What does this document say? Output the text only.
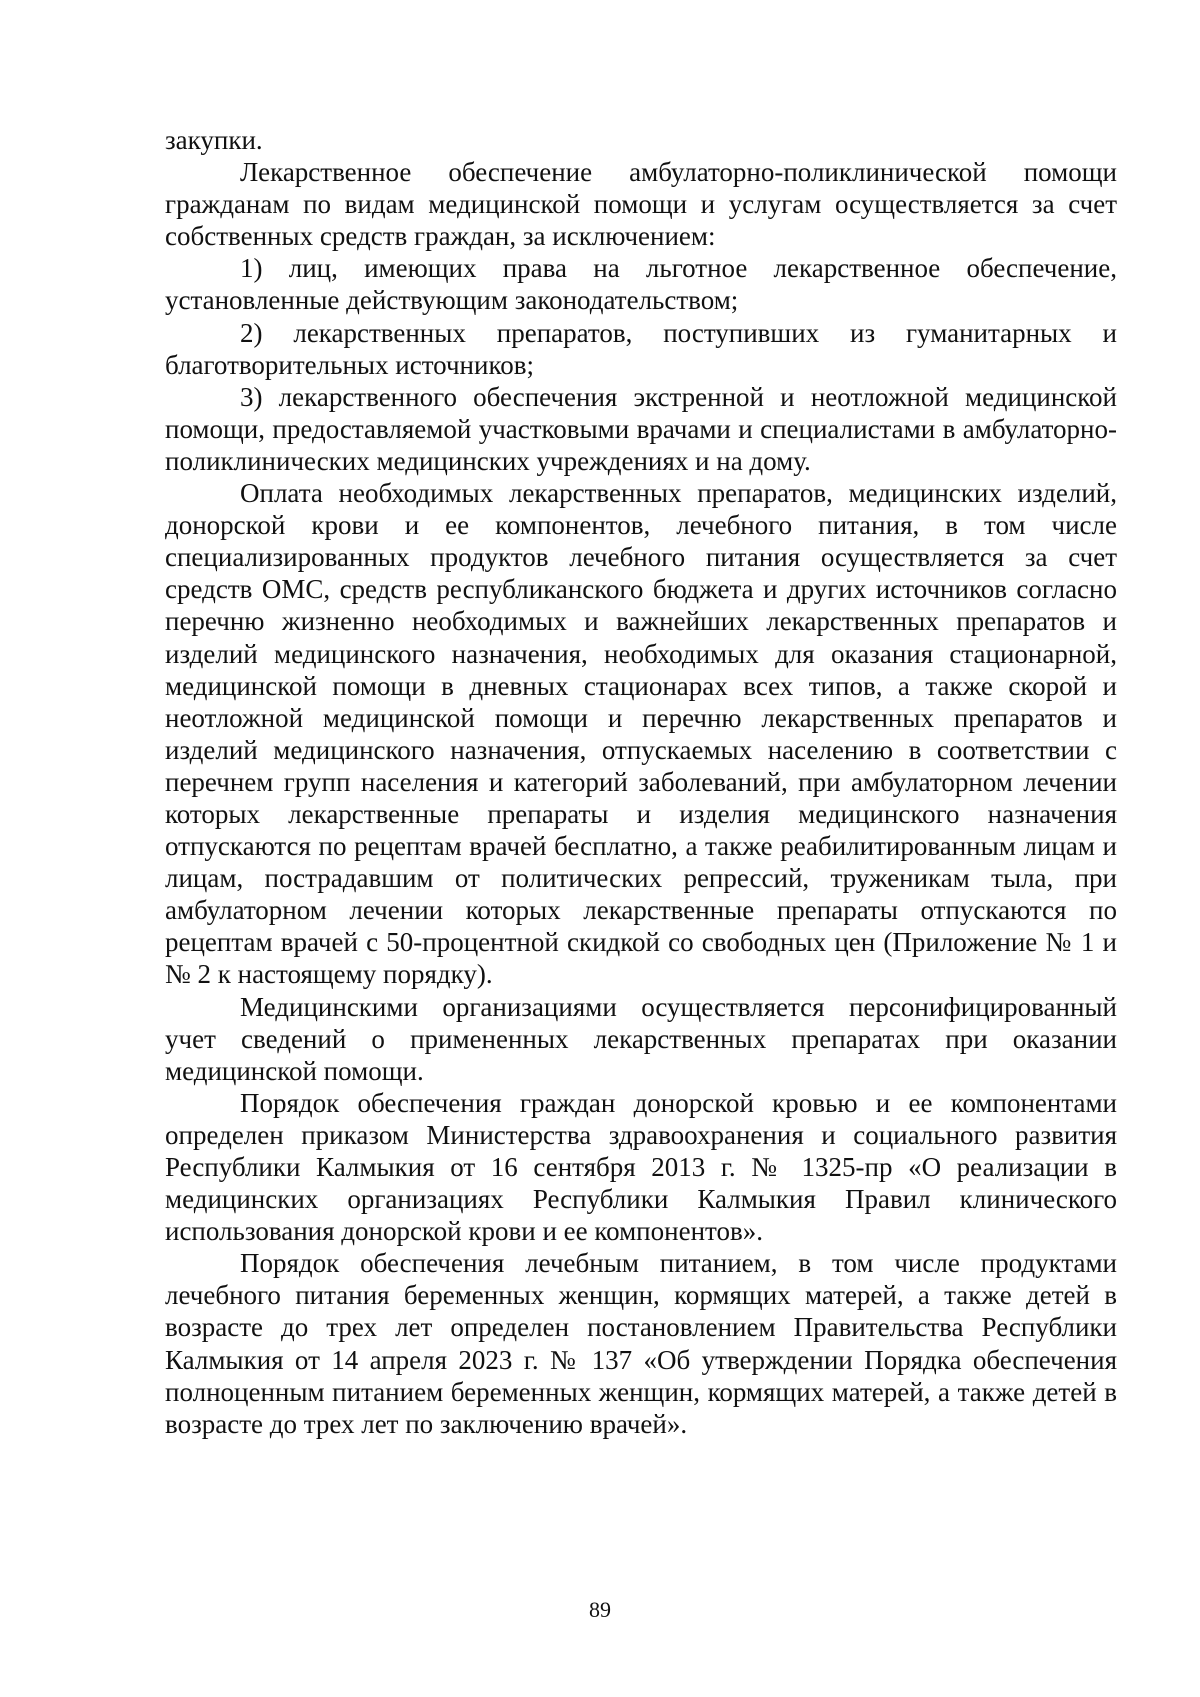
закупки.

Лекарственное обеспечение амбулаторно-поликлинической помощи гражданам по видам медицинской помощи и услугам осуществляется за счет собственных средств граждан, за исключением:

1) лиц, имеющих права на льготное лекарственное обеспечение, установленные действующим законодательством;

2) лекарственных препаратов, поступивших из гуманитарных и благотворительных источников;

3) лекарственного обеспечения экстренной и неотложной медицинской помощи, предоставляемой участковыми врачами и специалистами в амбулаторно-поликлинических медицинских учреждениях и на дому.

Оплата необходимых лекарственных препаратов, медицинских изделий, донорской крови и ее компонентов, лечебного питания, в том числе специализированных продуктов лечебного питания осуществляется за счет средств ОМС, средств республиканского бюджета и других источников согласно перечню жизненно необходимых и важнейших лекарственных препаратов и изделий медицинского назначения, необходимых для оказания стационарной, медицинской помощи в дневных стационарах всех типов, а также скорой и неотложной медицинской помощи и перечню лекарственных препаратов и изделий медицинского назначения, отпускаемых населению в соответствии с перечнем групп населения и категорий заболеваний, при амбулаторном лечении которых лекарственные препараты и изделия медицинского назначения отпускаются по рецептам врачей бесплатно, а также реабилитированным лицам и лицам, пострадавшим от политических репрессий, труженикам тыла, при амбулаторном лечении которых лекарственные препараты отпускаются по рецептам врачей с 50-процентной скидкой со свободных цен (Приложение № 1 и № 2 к настоящему порядку).

Медицинскими организациями осуществляется персонифицированный учет сведений о примененных лекарственных препаратах при оказании медицинской помощи.

Порядок обеспечения граждан донорской кровью и ее компонентами определен приказом Министерства здравоохранения и социального развития Республики Калмыкия от 16 сентября 2013 г. № 1325-пр «О реализации в медицинских организациях Республики Калмыкия Правил клинического использования донорской крови и ее компонентов».

Порядок обеспечения лечебным питанием, в том числе продуктами лечебного питания беременных женщин, кормящих матерей, а также детей в возрасте до трех лет определен постановлением Правительства Республики Калмыкия от 14 апреля 2023 г. № 137 «Об утверждении Порядка обеспечения полноценным питанием беременных женщин, кормящих матерей, а также детей в возрасте до трех лет по заключению врачей».

89
